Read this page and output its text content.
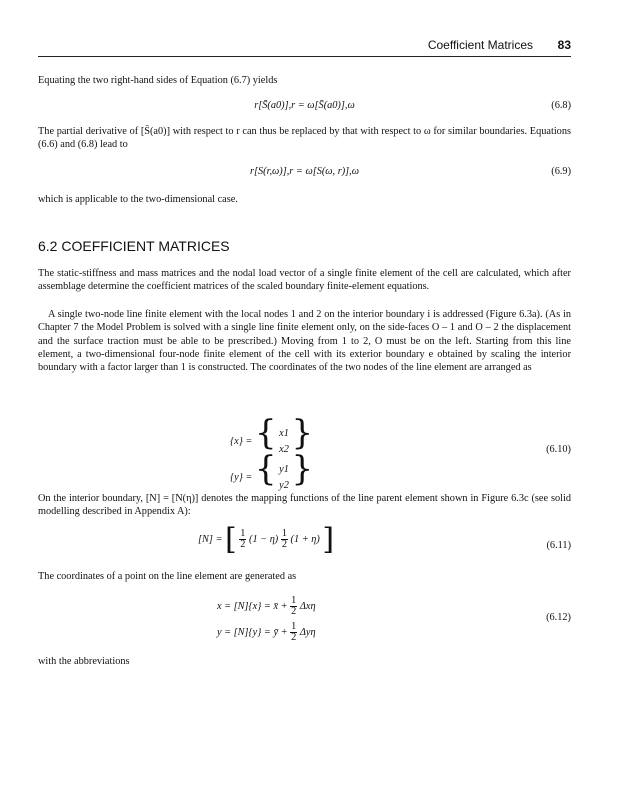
Coefficient Matrices 83
Equating the two right-hand sides of Equation (6.7) yields
r[S̄(a0)],r = ω[S̄(a0)],ω	(6.8)
The partial derivative of [S̄(a0)] with respect to r can thus be replaced by that with respect to ω for similar boundaries. Equations (6.6) and (6.8) lead to
r[S(r,ω)],r = ω[S(ω, r)],ω	(6.9)
which is applicable to the two-dimensional case.
6.2 COEFFICIENT MATRICES
The static-stiffness and mass matrices and the nodal load vector of a single finite element of the cell are calculated, which after assemblage determine the coefficient matrices of the scaled boundary finite-element equations.
A single two-node line finite element with the local nodes 1 and 2 on the interior boundary i is addressed (Figure 6.3a). (As in Chapter 7 the Model Problem is solved with a single line finite element only, on the side-faces O – 1 and O – 2 the displacement and the surface traction must be able to be prescribed.) Moving from 1 to 2, O must be on the left. Starting from this line element, a two-dimensional four-node finite element of the cell with its exterior boundary e obtained by scaling the interior boundary with a factor larger than 1 is constructed. The coordinates of the two nodes of the line element are arranged as
{x} = { x1
x2 }
{y} = { y1
y2 }	(6.10)
On the interior boundary, [N] = [N(η)] denotes the mapping functions of the line parent element shown in Figure 6.3c (see solid modelling described in Appendix A):
[N] = [ $\frac{1}{2} (1 - \eta) \frac{1}{2} (1 + \eta)$ ]	(6.11)
The coordinates of a point on the line element are generated as
x = [N]{x} = x̄ + $\frac{1}{2}$ Δxη
y = [N]{y} = ȳ + $\frac{1}{2}$ Δyη
(6.12)
with the abbreviations
